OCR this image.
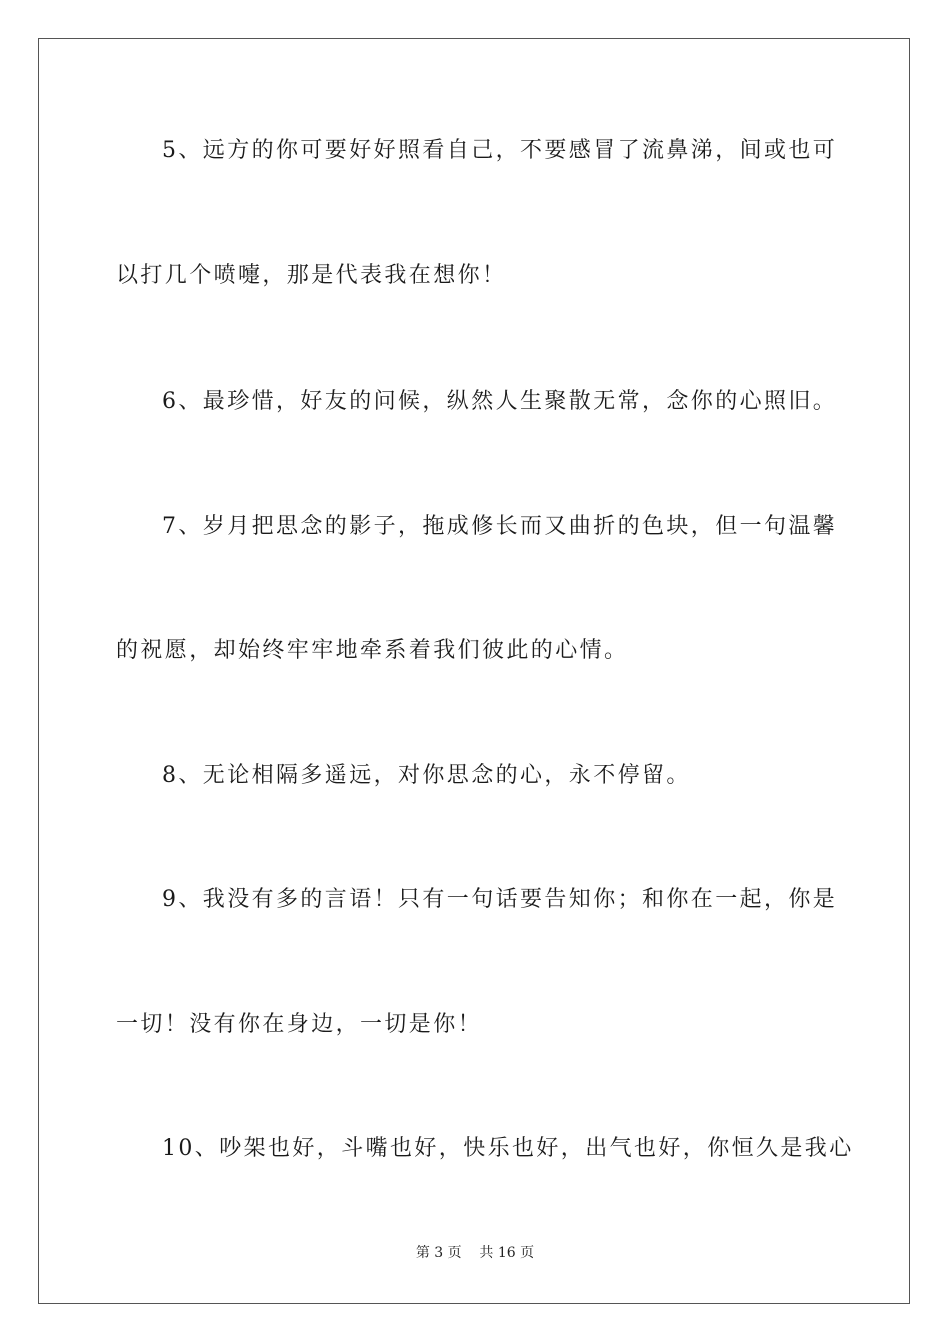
5、远方的你可要好好照看自己，不要感冒了流鼻涕，间或也可
以打几个喷嚏，那是代表我在想你！
6、最珍惜，好友的问候，纵然人生聚散无常，念你的心照旧。
7、岁月把思念的影子，拖成修长而又曲折的色块，但一句温馨
的祝愿，却始终牢牢地牵系着我们彼此的心情。
8、无论相隔多遥远，对你思念的心，永不停留。
9、我没有多的言语！只有一句话要告知你；和你在一起，你是
一切！没有你在身边，一切是你！
10、吵架也好，斗嘴也好，快乐也好，出气也好，你恒久是我心
第 3 页    共 16 页
